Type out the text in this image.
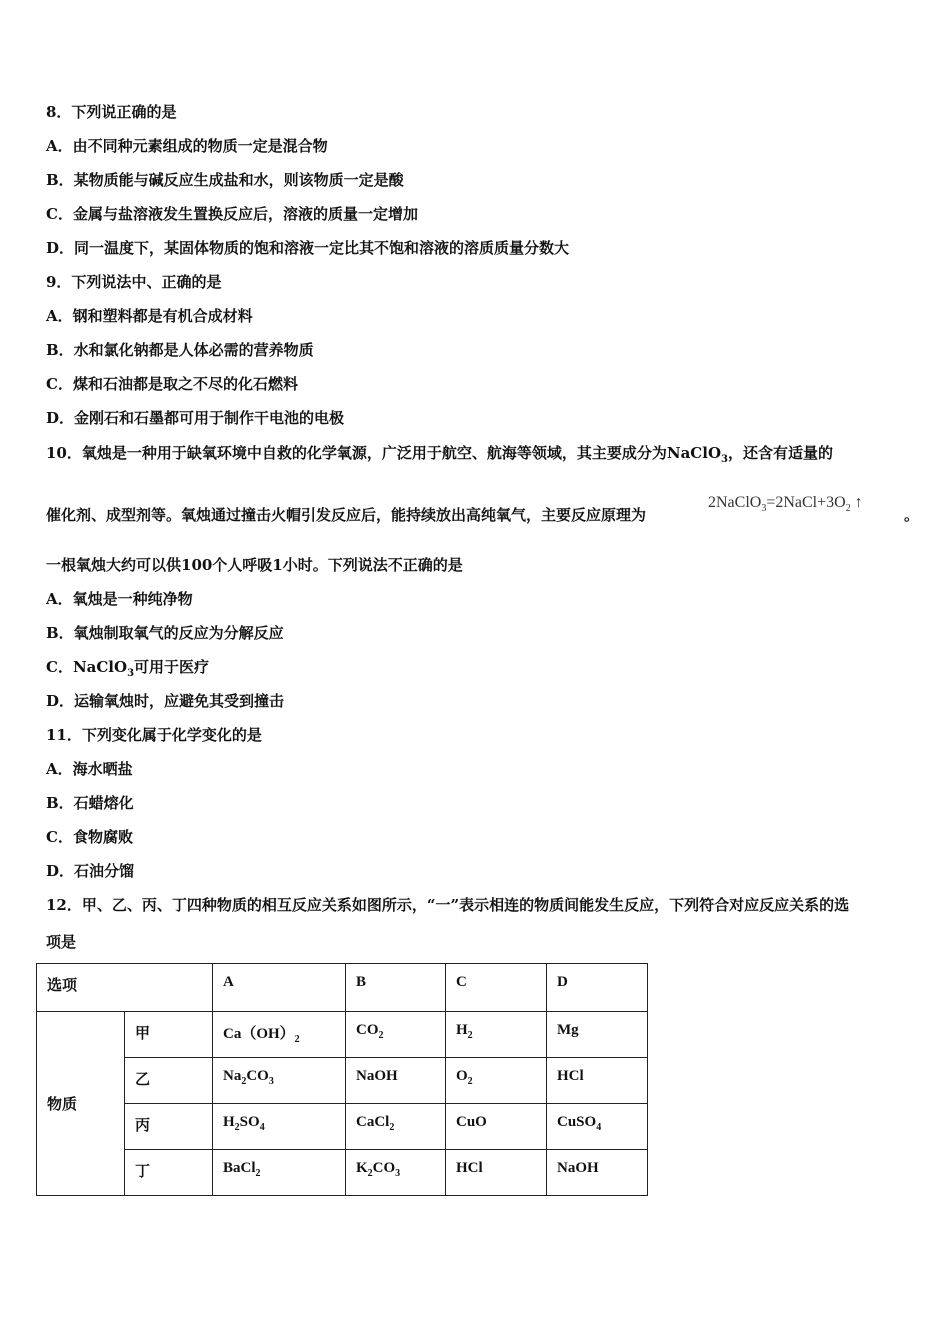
8．下列说正确的是
A．由不同种元素组成的物质一定是混合物
B．某物质能与碱反应生成盐和水，则该物质一定是酸
C．金属与盐溶液发生置换反应后，溶液的质量一定增加
D．同一温度下，某固体物质的饱和溶液一定比其不饱和溶液的溶质质量分数大
9．下列说法中、正确的是
A．钢和塑料都是有机合成材料
B．水和氯化钠都是人体必需的营养物质
C．煤和石油都是取之不尽的化石燃料
D．金刚石和石墨都可用于制作干电池的电极
10．氧烛是一种用于缺氧环境中自救的化学氧源，广泛用于航空、航海等领域，其主要成分为NaClO$_3$，还含有适量的
催化剂、成型剂等。氧烛通过撞击火帽引发反应后，能持续放出高纯氧气，主要反应原理为
$2NaClO_3=2NaCl+3O_2$ ↑
。
一根氧烛大约可以供100个人呼吸1小时。下列说法不正确的是
A．氧烛是一种纯净物
B．氧烛制取氧气的反应为分解反应
C．NaClO$_3$可用于医疗
D．运输氧烛时，应避免其受到撞击
11．下列变化属于化学变化的是
A．海水晒盐
B．石蜡熔化
C．食物腐败
D．石油分馏
12．甲、乙、丙、丁四种物质的相互反应关系如图所示，“一”表示相连的物质间能发生反应，下列符合对应反应关系的选
项是
选项		A	B	C	D
物质	甲	$Ca(OH)_2$	$CO_2$	$H_2$	Mg
	乙	$Na_2CO_3$	NaOH	$O_2$	HCl
	丙	$H_2SO_4$	CaCl$_2$	CuO	CuSO$_4$
	丁	BaCl$_2$	$K_2CO_3$	HCl	NaOH
